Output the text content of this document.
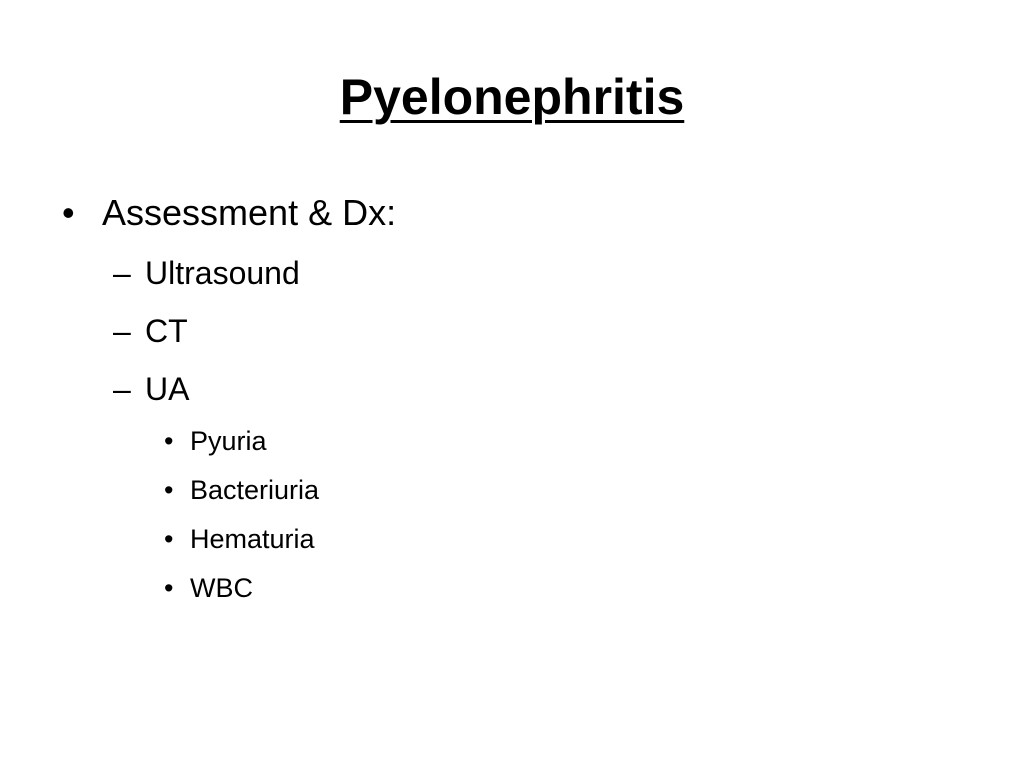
Pyelonephritis
• Assessment & Dx:
– Ultrasound
– CT
– UA
• Pyuria
• Bacteriuria
• Hematuria
• WBC
